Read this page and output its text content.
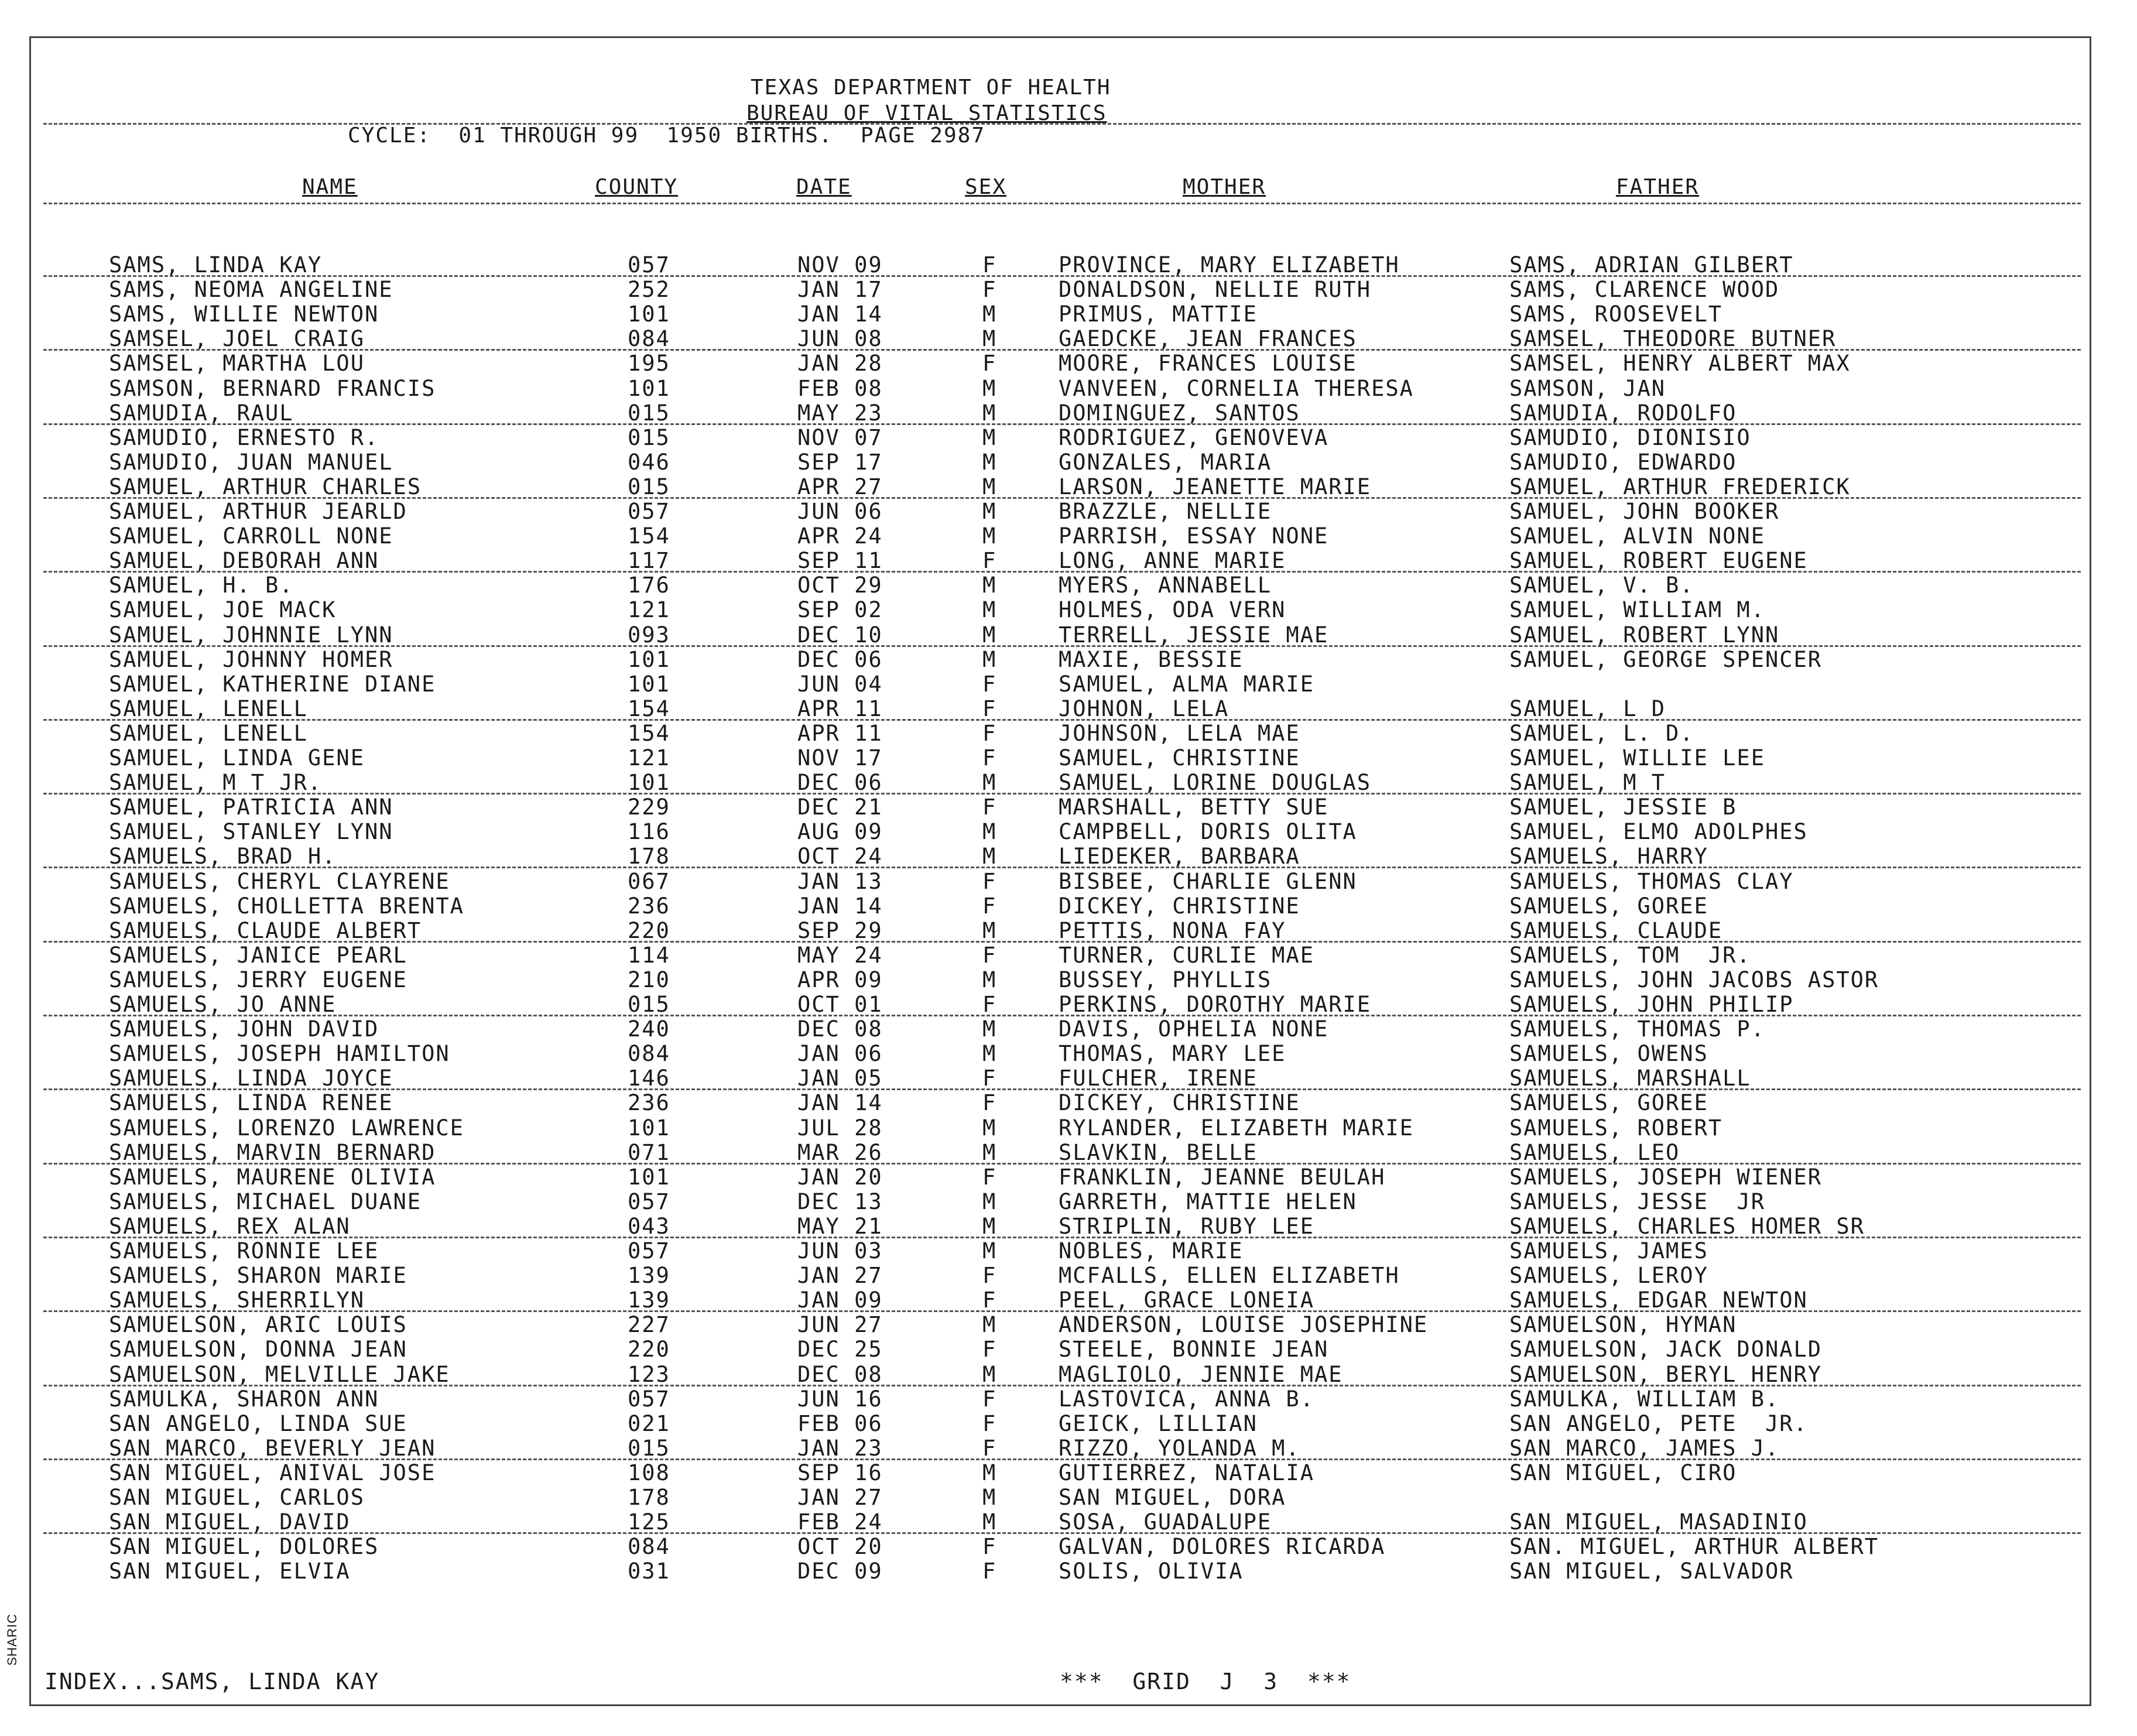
TEXAS DEPARTMENT OF HEALTH
BUREAU OF VITAL STATISTICS
CYCLE:  01 THROUGH 99  1950 BIRTHS.  PAGE 2987
NAME	COUNTY	DATE	SEX	MOTHER	FATHER
SAMS, LINDA KAY	057	NOV 09	F	PROVINCE, MARY ELIZABETH	SAMS, ADRIAN GILBERT
SAMS, NEOMA ANGELINE	252	JAN 17	F	DONALDSON, NELLIE RUTH	SAMS, CLARENCE WOOD
SAMS, WILLIE NEWTON	101	JAN 14	M	PRIMUS, MATTIE	SAMS, ROOSEVELT
SAMSEL, JOEL CRAIG	084	JUN 08	M	GAEDCKE, JEAN FRANCES	SAMSEL, THEODORE BUTNER
SAMSEL, MARTHA LOU	195	JAN 28	F	MOORE, FRANCES LOUISE	SAMSEL, HENRY ALBERT MAX
SAMSON, BERNARD FRANCIS	101	FEB 08	M	VANVEEN, CORNELIA THERESA	SAMSON, JAN
SAMUDIA, RAUL	015	MAY 23	M	DOMINGUEZ, SANTOS	SAMUDIA, RODOLFO
SAMUDIO, ERNESTO R.	015	NOV 07	M	RODRIGUEZ, GENOVEVA	SAMUDIO, DIONISIO
SAMUDIO, JUAN MANUEL	046	SEP 17	M	GONZALES, MARIA	SAMUDIO, EDWARDO
SAMUEL, ARTHUR CHARLES	015	APR 27	M	LARSON, JEANETTE MARIE	SAMUEL, ARTHUR FREDERICK
SAMUEL, ARTHUR JEARLD	057	JUN 06	M	BRAZZLE, NELLIE	SAMUEL, JOHN BOOKER
SAMUEL, CARROLL NONE	154	APR 24	M	PARRISH, ESSAY NONE	SAMUEL, ALVIN NONE
SAMUEL, DEBORAH ANN	117	SEP 11	F	LONG, ANNE MARIE	SAMUEL, ROBERT EUGENE
SAMUEL, H. B.	176	OCT 29	M	MYERS, ANNABELL	SAMUEL, V. B.
SAMUEL, JOE MACK	121	SEP 02	M	HOLMES, ODA VERN	SAMUEL, WILLIAM M.
SAMUEL, JOHNNIE LYNN	093	DEC 10	M	TERRELL, JESSIE MAE	SAMUEL, ROBERT LYNN
SAMUEL, JOHNNY HOMER	101	DEC 06	M	MAXIE, BESSIE	SAMUEL, GEORGE SPENCER
SAMUEL, KATHERINE DIANE	101	JUN 04	F	SAMUEL, ALMA MARIE
SAMUEL, LENELL	154	APR 11	F	JOHNON, LELA	SAMUEL, L D
SAMUEL, LENELL	154	APR 11	F	JOHNSON, LELA MAE	SAMUEL, L. D.
SAMUEL, LINDA GENE	121	NOV 17	F	SAMUEL, CHRISTINE	SAMUEL, WILLIE LEE
SAMUEL, M T JR.	101	DEC 06	M	SAMUEL, LORINE DOUGLAS	SAMUEL, M T
SAMUEL, PATRICIA ANN	229	DEC 21	F	MARSHALL, BETTY SUE	SAMUEL, JESSIE B
SAMUEL, STANLEY LYNN	116	AUG 09	M	CAMPBELL, DORIS OLITA	SAMUEL, ELMO ADOLPHES
SAMUELS, BRAD H.	178	OCT 24	M	LIEDEKER, BARBARA	SAMUELS, HARRY
SAMUELS, CHERYL CLAYRENE	067	JAN 13	F	BISBEE, CHARLIE GLENN	SAMUELS, THOMAS CLAY
SAMUELS, CHOLLETTA BRENTA	236	JAN 14	F	DICKEY, CHRISTINE	SAMUELS, GOREE
SAMUELS, CLAUDE ALBERT	220	SEP 29	M	PETTIS, NONA FAY	SAMUELS, CLAUDE
SAMUELS, JANICE PEARL	114	MAY 24	F	TURNER, CURLIE MAE	SAMUELS, TOM  JR.
SAMUELS, JERRY EUGENE	210	APR 09	M	BUSSEY, PHYLLIS	SAMUELS, JOHN JACOBS ASTOR
SAMUELS, JO ANNE	015	OCT 01	F	PERKINS, DOROTHY MARIE	SAMUELS, JOHN PHILIP
SAMUELS, JOHN DAVID	240	DEC 08	M	DAVIS, OPHELIA NONE	SAMUELS, THOMAS P.
SAMUELS, JOSEPH HAMILTON	084	JAN 06	M	THOMAS, MARY LEE	SAMUELS, OWENS
SAMUELS, LINDA JOYCE	146	JAN 05	F	FULCHER, IRENE	SAMUELS, MARSHALL
SAMUELS, LINDA RENEE	236	JAN 14	F	DICKEY, CHRISTINE	SAMUELS, GOREE
SAMUELS, LORENZO LAWRENCE	101	JUL 28	M	RYLANDER, ELIZABETH MARIE	SAMUELS, ROBERT
SAMUELS, MARVIN BERNARD	071	MAR 26	M	SLAVKIN, BELLE	SAMUELS, LEO
SAMUELS, MAURENE OLIVIA	101	JAN 20	F	FRANKLIN, JEANNE BEULAH	SAMUELS, JOSEPH WIENER
SAMUELS, MICHAEL DUANE	057	DEC 13	M	GARRETH, MATTIE HELEN	SAMUELS, JESSE  JR
SAMUELS, REX ALAN	043	MAY 21	M	STRIPLIN, RUBY LEE	SAMUELS, CHARLES HOMER SR
SAMUELS, RONNIE LEE	057	JUN 03	M	NOBLES, MARIE	SAMUELS, JAMES
SAMUELS, SHARON MARIE	139	JAN 27	F	MCFALLS, ELLEN ELIZABETH	SAMUELS, LEROY
SAMUELS, SHERRILYN	139	JAN 09	F	PEEL, GRACE LONEIA	SAMUELS, EDGAR NEWTON
SAMUELSON, ARIC LOUIS	227	JUN 27	M	ANDERSON, LOUISE JOSEPHINE	SAMUELSON, HYMAN
SAMUELSON, DONNA JEAN	220	DEC 25	F	STEELE, BONNIE JEAN	SAMUELSON, JACK DONALD
SAMUELSON, MELVILLE JAKE	123	DEC 08	M	MAGLIOLO, JENNIE MAE	SAMUELSON, BERYL HENRY
SAMULKA, SHARON ANN	057	JUN 16	F	LASTOVICA, ANNA B.	SAMULKA, WILLIAM B.
SAN ANGELO, LINDA SUE	021	FEB 06	F	GEICK, LILLIAN	SAN ANGELO, PETE  JR.
SAN MARCO, BEVERLY JEAN	015	JAN 23	F	RIZZO, YOLANDA M.	SAN MARCO, JAMES J.
SAN MIGUEL, ANIVAL JOSE	108	SEP 16	M	GUTIERREZ, NATALIA	SAN MIGUEL, CIRO
SAN MIGUEL, CARLOS	178	JAN 27	M	SAN MIGUEL, DORA
SAN MIGUEL, DAVID	125	FEB 24	M	SOSA, GUADALUPE	SAN MIGUEL, MASADINIO
SAN MIGUEL, DOLORES	084	OCT 20	F	GALVAN, DOLORES RICARDA	SAN. MIGUEL, ARTHUR ALBERT
SAN MIGUEL, ELVIA	031	DEC 09	F	SOLIS, OLIVIA	SAN MIGUEL, SALVADOR
INDEX...SAMS, LINDA KAY	***  GRID  J  3  ***
SHARIC
